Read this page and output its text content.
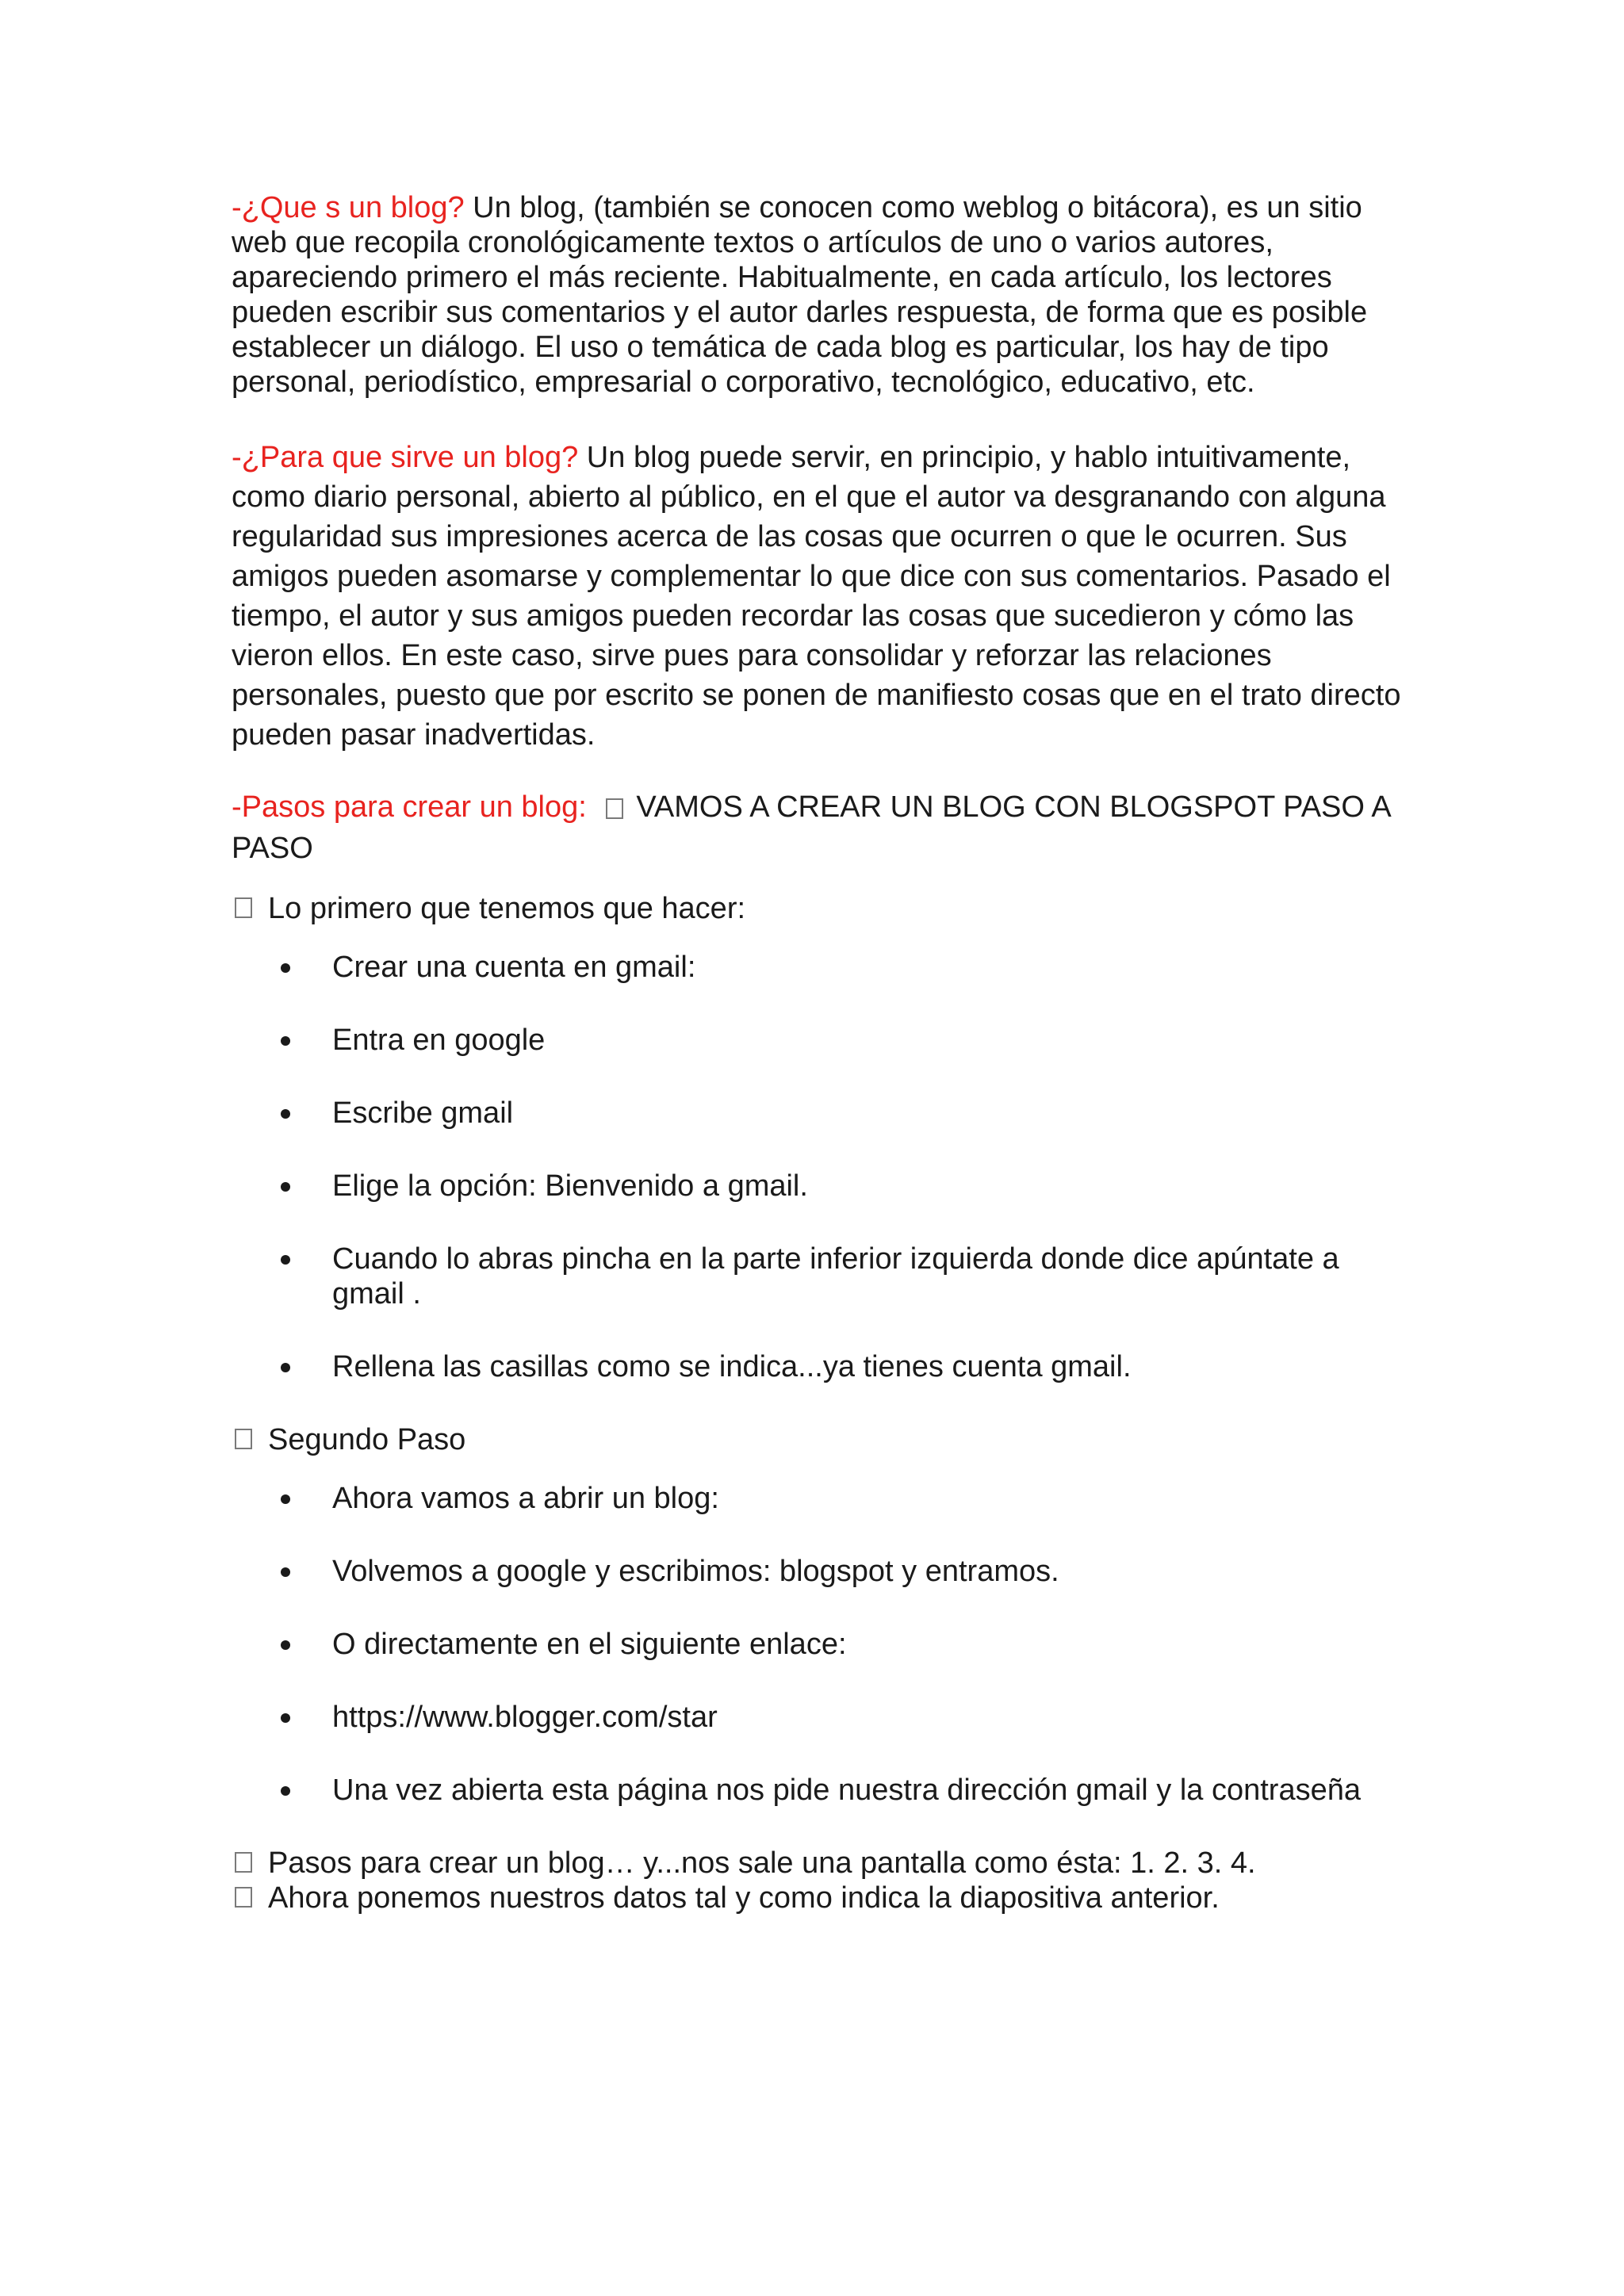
-¿Que s un blog? Un blog, (también se conocen como weblog o bitácora), es un sitio web que recopila cronológicamente textos o artículos de uno o varios autores, apareciendo primero el más reciente. Habitualmente, en cada artículo, los lectores pueden escribir sus comentarios y el autor darles respuesta, de forma que es posible establecer un diálogo. El uso o temática de cada blog es particular, los hay de tipo personal, periodístico, empresarial o corporativo, tecnológico, educativo, etc.

-¿Para que sirve un blog? Un blog puede servir, en principio, y hablo intuitivamente, como diario personal, abierto al público, en el que el autor va desgranando con alguna regularidad sus impresiones acerca de las cosas que ocurren o que le ocurren. Sus amigos pueden asomarse y complementar lo que dice con sus comentarios. Pasado el tiempo, el autor y sus amigos pueden recordar las cosas que sucedieron y cómo las vieron ellos. En este caso, sirve pues para consolidar y reforzar las relaciones personales, puesto que por escrito se ponen de manifiesto cosas que en el trato directo pueden pasar inadvertidas.

-Pasos para crear un blog: VAMOS A CREAR UN BLOG CON BLOGSPOT PASO A PASO

Lo primero que tenemos que hacer:
Crear una cuenta en gmail:
Entra en google
Escribe gmail
Elige la opción: Bienvenido a gmail.
Cuando lo abras pincha en la parte inferior izquierda donde dice apúntate a gmail .
Rellena las casillas como se indica...ya tienes cuenta gmail.
Segundo Paso
Ahora vamos a abrir un blog:
Volvemos a google y escribimos: blogspot y entramos.
O directamente en el siguiente enlace:
https://www.blogger.com/star
Una vez abierta esta página nos pide nuestra dirección gmail y la contraseña
Pasos para crear un blog… y...nos sale una pantalla como ésta: 1. 2. 3. 4.
Ahora ponemos nuestros datos tal y como indica la diapositiva anterior.
